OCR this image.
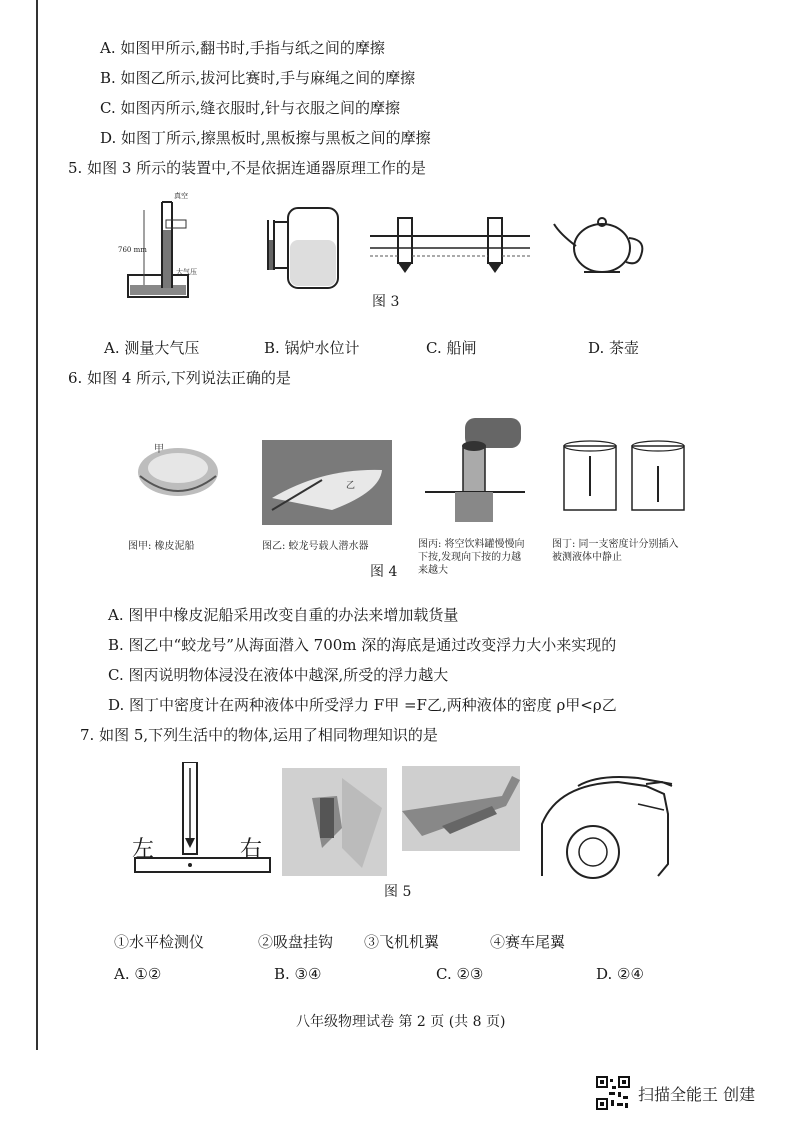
A. 如图甲所示,翻书时,手指与纸之间的摩擦
B. 如图乙所示,拔河比赛时,手与麻绳之间的摩擦
C. 如图丙所示,缝衣服时,针与衣服之间的摩擦
D. 如图丁所示,擦黑板时,黑板擦与黑板之间的摩擦
5. 如图 3 所示的装置中,不是依据连通器原理工作的是
真空
760 mm
大气压
图 3
A. 测量大气压	B. 锅炉水位计	C. 船闸	D. 茶壶
6. 如图 4 所示,下列说法正确的是
甲
乙
图甲: 橡皮泥船	图乙: 蛟龙号载人潜水器	图丙: 将空饮料罐慢慢向下按,发现向下按的力越来越大
图丁: 同一支密度计分别插入被测液体中静止
图 4
A. 图甲中橡皮泥船采用改变自重的办法来增加载货量
B. 图乙中“蛟龙号”从海面潜入 700m 深的海底是通过改变浮力大小来实现的
C. 图丙说明物体浸没在液体中越深,所受的浮力越大
D. 图丁中密度计在两种液体中所受浮力 F甲 =F乙,两种液体的密度 ρ甲<ρ乙
7. 如图 5,下列生活中的物体,运用了相同物理知识的是
左	右
图 5
①水平检测仪	②吸盘挂钩 ③飞机机翼	④赛车尾翼
A. ①②	B. ③④	C. ②③	D. ②④
八年级物理试卷 第 2 页 (共 8 页)
扫描全能王 创建
